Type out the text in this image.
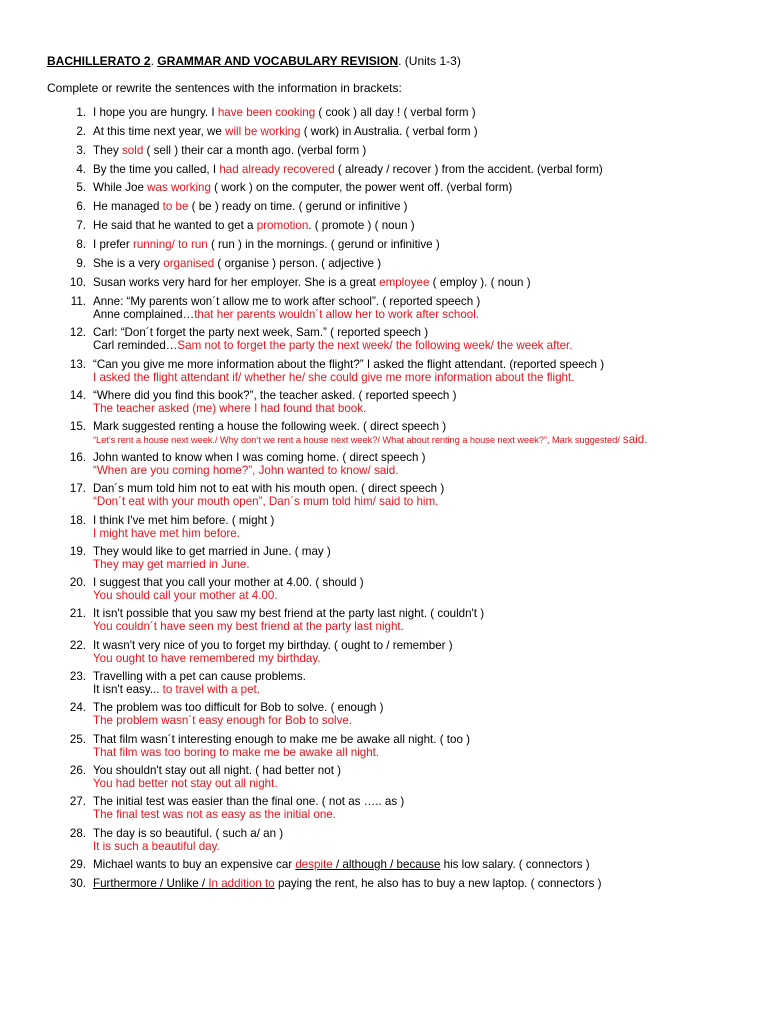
BACHILLERATO 2. GRAMMAR AND VOCABULARY REVISION. (Units 1-3)
Complete or rewrite the sentences with the information in brackets:
1. I hope you are hungry. I have been cooking ( cook ) all day ! ( verbal form )
2. At this time next year, we will be working ( work) in Australia. ( verbal form )
3. They sold ( sell ) their car a month ago. (verbal form )
4. By the time you called, I had already recovered ( already / recover ) from the accident. (verbal form)
5. While Joe was working ( work ) on the computer, the power went off. (verbal form)
6. He managed to be ( be ) ready on time. ( gerund or infinitive )
7. He said that he wanted to get a promotion. ( promote ) ( noun )
8. I prefer running/ to run ( run ) in the mornings. ( gerund or infinitive )
9. She is a very organised ( organise ) person. ( adjective )
10. Susan works very hard for her employer. She is a great employee ( employ ). ( noun )
11. Anne: “My parents won´t allow me to work after school”. ( reported speech )
Anne complained…that her parents wouldn´t allow her to work after school.
12. Carl: “Don´t forget the party next week, Sam.” ( reported speech )
Carl reminded…Sam not to forget the party the next week/ the following week/ the week after.
13. “Can you give me more information about the flight?” I asked the flight attendant. (reported speech )
I asked the flight attendant if/ whether he/ she could give me more information about the flight.
14. “Where did you find this book?”, the teacher asked. ( reported speech )
The teacher asked (me) where I had found that book.
15. Mark suggested renting a house the following week. ( direct speech )
“Let’s rent a house next week./ Why don’t we rent a house next week?/ What about renting a house next week?”, Mark suggested/ said.
16. John wanted to know when I was coming home. ( direct speech )
“When are you coming home?”, John wanted to know/ said.
17. Dan´s mum told him not to eat with his mouth open. ( direct speech )
“Don´t eat with your mouth open”, Dan´s mum told him/ said to him.
18. I think I've met him before. ( might )
I might have met him before.
19. They would like to get married in June. ( may )
They may get married in June.
20. I suggest that you call your mother at 4.00. ( should )
You should call your mother at 4.00.
21. It isn't possible that you saw my best friend at the party last night. ( couldn't )
You couldn´t have seen my best friend at the party last night.
22. It wasn't very nice of you to forget my birthday. ( ought to / remember )
You ought to have remembered my birthday.
23. Travelling with a pet can cause problems.
It isn't easy... to travel with a pet.
24. The problem was too difficult for Bob to solve. ( enough )
The problem wasn´t easy enough for Bob to solve.
25. That film wasn´t interesting enough to make me be awake all night. ( too )
That film was too boring to make me be awake all night.
26. You shouldn't stay out all night. ( had better not )
You had better not stay out all night.
27. The initial test was easier than the final one. ( not as ….. as )
The final test was not as easy as the initial one.
28. The day is so beautiful. ( such a/ an )
It is such a beautiful day.
29. Michael wants to buy an expensive car despite / although / because his low salary. ( connectors )
30. Furthermore / Unlike / In addition to paying the rent, he also has to buy a new laptop. ( connectors )
